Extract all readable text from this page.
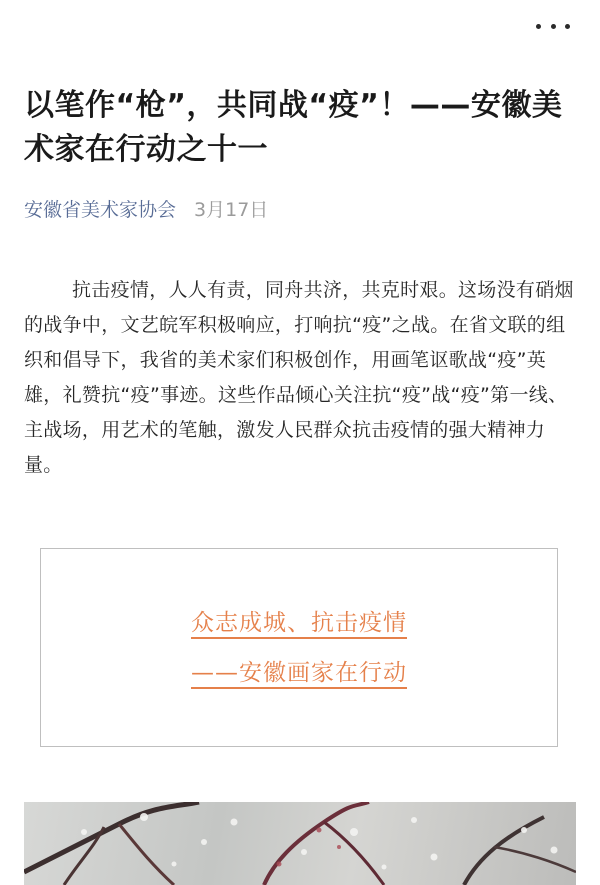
以笔作“枪”，共同战“疫”！——安徽美术家在行动之十一
安徽省美术家协会 3月17日

抗击疫情，人人有责，同舟共济，共克时艰。这场没有硝烟的战争中，文艺皖军积极响应，打响抗“疫”之战。在省文联的组织和倡导下，我省的美术家们积极创作，用画笔讴歌战“疫”英雄，礼赞抗“疫”事迹。这些作品倾心关注抗“疫”战“疫”第一线、主战场，用艺术的笔触，激发人民群众抗击疫情的强大精神力量。

众志成城、抗击疫情
——安徽画家在行动
